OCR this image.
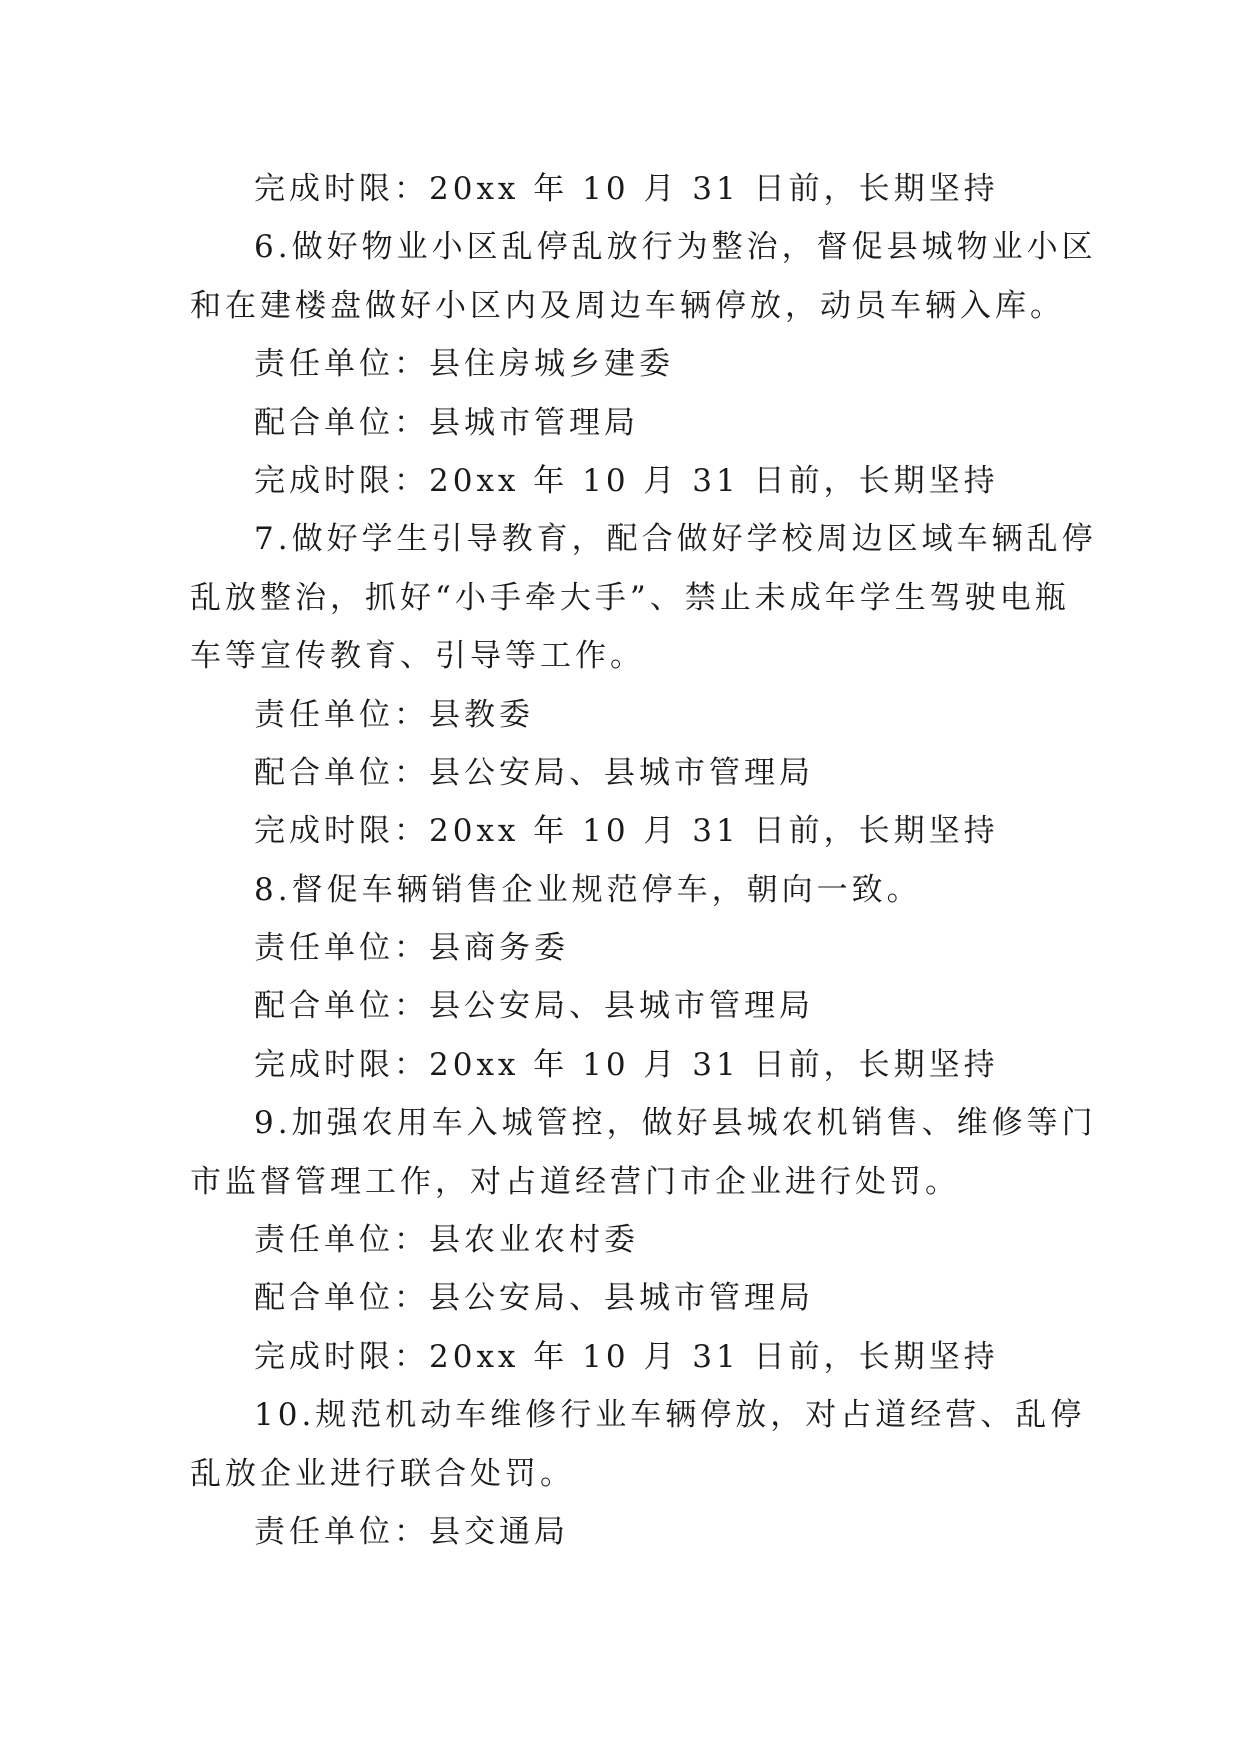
完成时限：20xx 年 10 月 31 日前，长期坚持
6.做好物业小区乱停乱放行为整治，督促县城物业小区
和在建楼盘做好小区内及周边车辆停放，动员车辆入库。
责任单位：县住房城乡建委
配合单位：县城市管理局
完成时限：20xx 年 10 月 31 日前，长期坚持
7.做好学生引导教育，配合做好学校周边区域车辆乱停
乱放整治，抓好“小手牵大手”、禁止未成年学生驾驶电瓶
车等宣传教育、引导等工作。
责任单位：县教委
配合单位：县公安局、县城市管理局
完成时限：20xx 年 10 月 31 日前，长期坚持
8.督促车辆销售企业规范停车，朝向一致。
责任单位：县商务委
配合单位：县公安局、县城市管理局
完成时限：20xx 年 10 月 31 日前，长期坚持
9.加强农用车入城管控，做好县城农机销售、维修等门
市监督管理工作，对占道经营门市企业进行处罚。
责任单位：县农业农村委
配合单位：县公安局、县城市管理局
完成时限：20xx 年 10 月 31 日前，长期坚持
10.规范机动车维修行业车辆停放，对占道经营、乱停
乱放企业进行联合处罚。
责任单位：县交通局
